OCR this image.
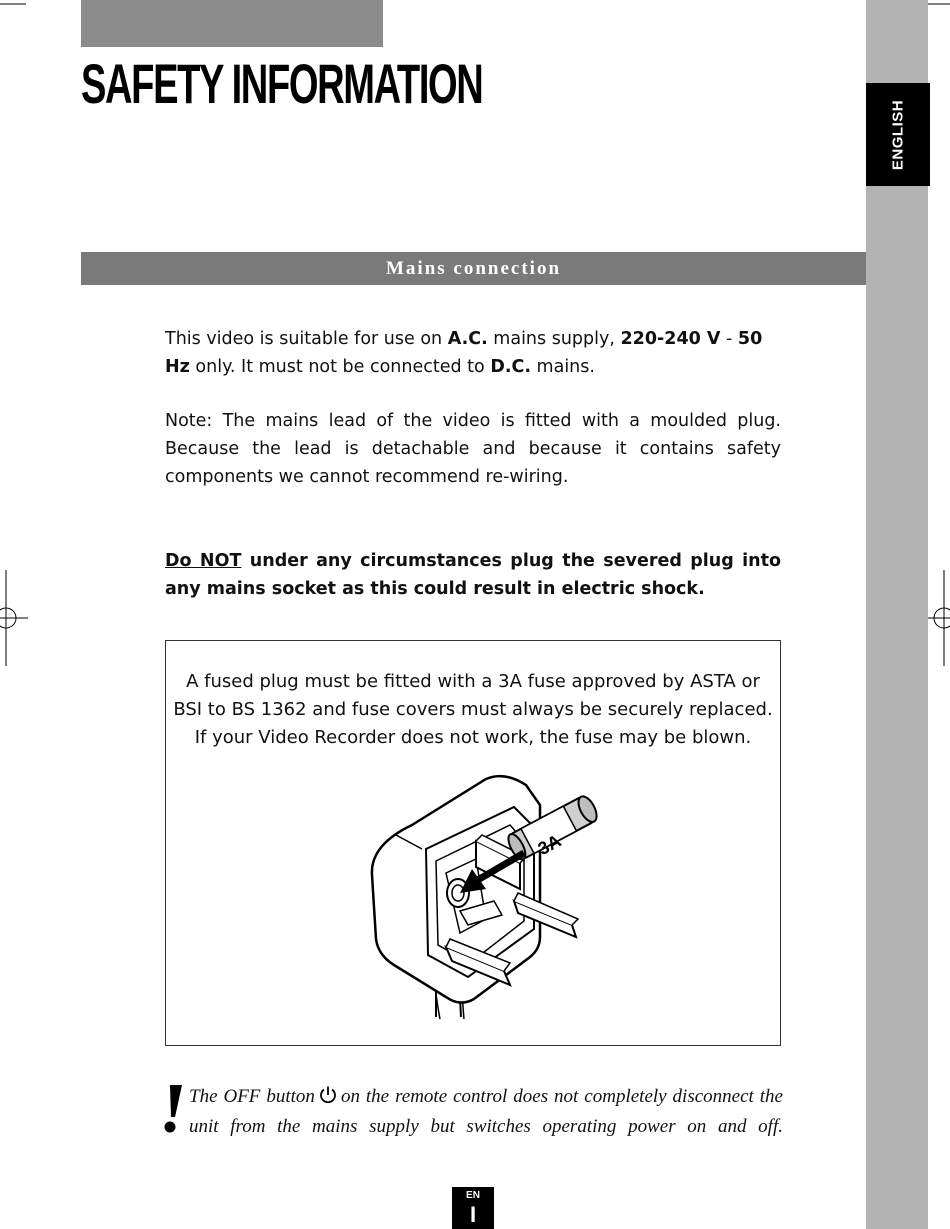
SAFETY INFORMATION
ENGLISH
Mains connection

This video is suitable for use on A.C. mains supply, 220-240 V - 50 Hz only. It must not be connected to D.C. mains.

Note: The mains lead of the video is fitted with a moulded plug. Because the lead is detachable and because it contains safety components we cannot recommend re-wiring.

Do NOT under any circumstances plug the severed plug into any mains socket as this could result in electric shock.

A fused plug must be fitted with a 3A fuse approved by ASTA or
BSI to BS 1362 and fuse covers must always be securely replaced.
If your Video Recorder does not work, the fuse may be blown.

3A

The OFF button on the remote control does not completely disconnect the unit from the mains supply but switches operating power on and off.

EN
I
